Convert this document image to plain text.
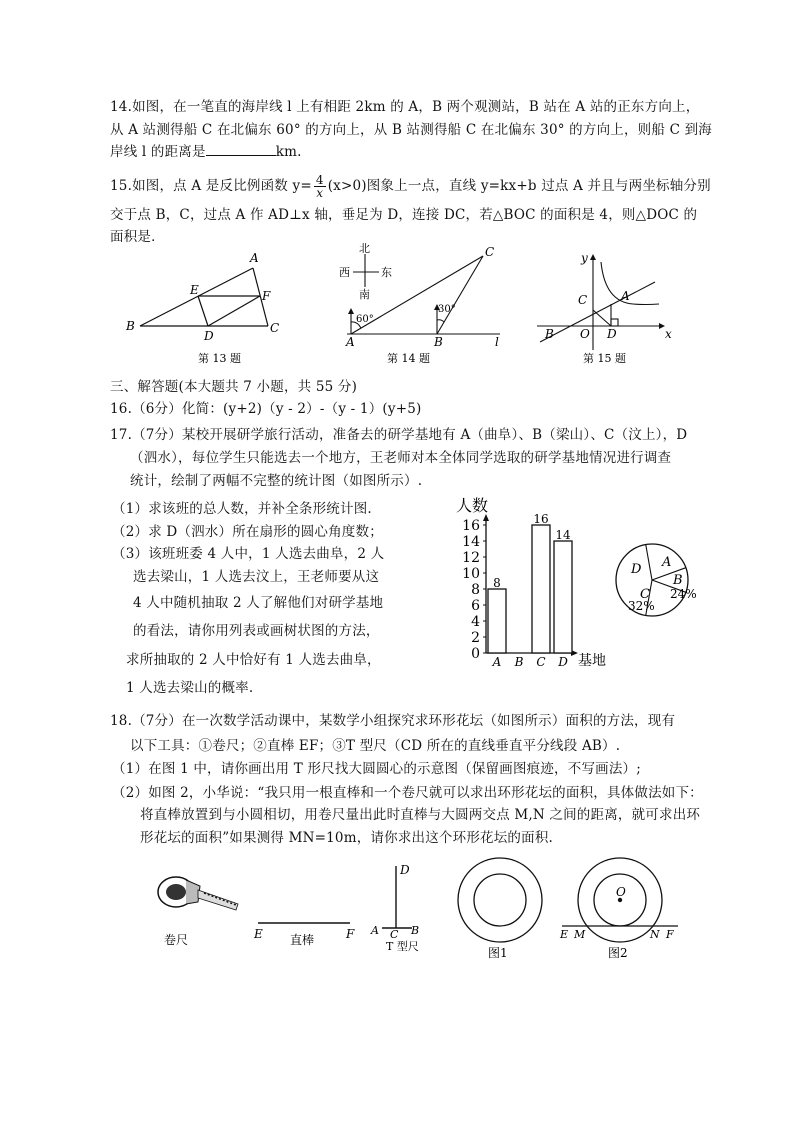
14.如图，在一笔直的海岸线 l 上有相距 2km 的 A，B 两个观测站，B 站在 A 站的正东方向上，
从 A 站测得船 C 在北偏东 60° 的方向上，从 B 站测得船 C 在北偏东 30° 的方向上，则船 C 到海
岸线 l 的距离是	km.
15.如图，点 A 是反比例函数 $y= \frac{4}{x} (x>0)$图象上一点，直线 y=kx+b 过点 A 并且与两坐标轴分别
交于点 B，C，过点 A 作 AD⊥x 轴，垂足为 D，连接 DC，若△BOC 的面积是 4，则△DOC 的
面积是．
A
B	C
D
E	F
第 13 题
北
西	东
南
60°
30°
A	B
C
l
第 14 题
y
x
A
B
C
O D
第 15 题
三、解答题(本大题共 7 小题，共 55 分)
16.（6分）化简：(y+2)（y - 2）-（y - 1）(y+5)
17.（7分）某校开展研学旅行活动，准备去的研学基地有 A（曲阜）、B（梁山）、C（汶上），D
（泗水），每位学生只能选去一个地方，王老师对本全体同学选取的研学基地情况进行调查
统计，绘制了两幅不完整的统计图（如图所示）.
（1）求该班的总人数，并补全条形统计图.
（2）求 D（泗水）所在扇形的圆心角度数；
（3）该班班委 4 人中，1 人选去曲阜，2 人
选去梁山，1 人选去汶上，王老师要从这
4 人中随机抽取 2 人了解他们对研学基地
的看法，请你用列表或画树状图的方法，
求所抽取的 2 人中恰好有 1 人选去曲阜，
1 人选去梁山的概率.
0
2
4
6
8
10
12
14
16
人数
基地
8
A B
16
C
14
D
A
B
24%
C
32%
D
18.（7分）在一次数学活动课中，某数学小组探究求环形花坛（如图所示）面积的方法，现有
以下工具：①卷尺；②直棒 EF；③T 型尺（CD 所在的直线垂直平分线段 AB）.
（1）在图 1 中，请你画出用 T 形尺找大圆圆心的示意图（保留画图痕迹，不写画法）;
（2）如图 2，小华说：“我只用一根直棒和一个卷尺就可以求出环形花坛的面积，具体做法如下：
将直棒放置到与小圆相切，用卷尺量出此时直棒与大圆两交点 M,N 之间的距离，就可求出环
形花坛的面积”如果测得 MN=10m，请你求出这个环形花坛的面积.
卷尺	E	F
直棒
D
A C B
T 型尺	图1
O
E M	N F
图2
